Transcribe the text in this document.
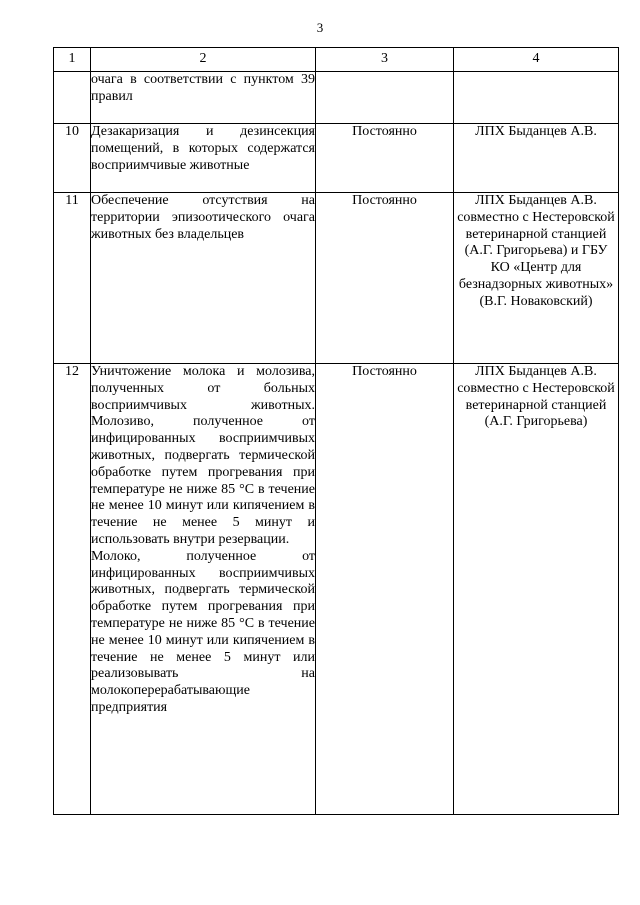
3
1	2	3	4

	очага в соответствии с пунктом 39 правил		

10	Дезакаризация и дезинсекция помещений, в которых содержатся восприимчивые животные	Постоянно	ЛПХ Быданцев А.В.
11	Обеспечение отсутствия на территории эпизоотического очага животных без владельцев	Постоянно	ЛПХ Быданцев А.В. совместно с Нестеровской ветеринарной станцией (А.Г. Григорьева) и ГБУ КО «Центр для безнадзорных животных» (В.Г. Новаковский)
12	Уничтожение молока и молозива, полученных от больных восприимчивых животных. Молозиво, полученное от инфицированных восприимчивых животных, подвергать термической обработке путем прогревания при температуре не ниже 85 °С в течение не менее 10 минут или кипячением в течение не менее 5 минут и использовать внутри резервации.

Молоко, полученное от инфицированных восприимчивых животных, подвергать термической обработке путем прогревания при температуре не ниже 85 °С в течение не менее 10 минут или кипячением в течение не менее 5 минут или реализовывать на молокоперерабатывающие предприятия	Постоянно	ЛПХ Быданцев А.В. совместно с Нестеровской ветеринарной станцией (А.Г. Григорьева)
